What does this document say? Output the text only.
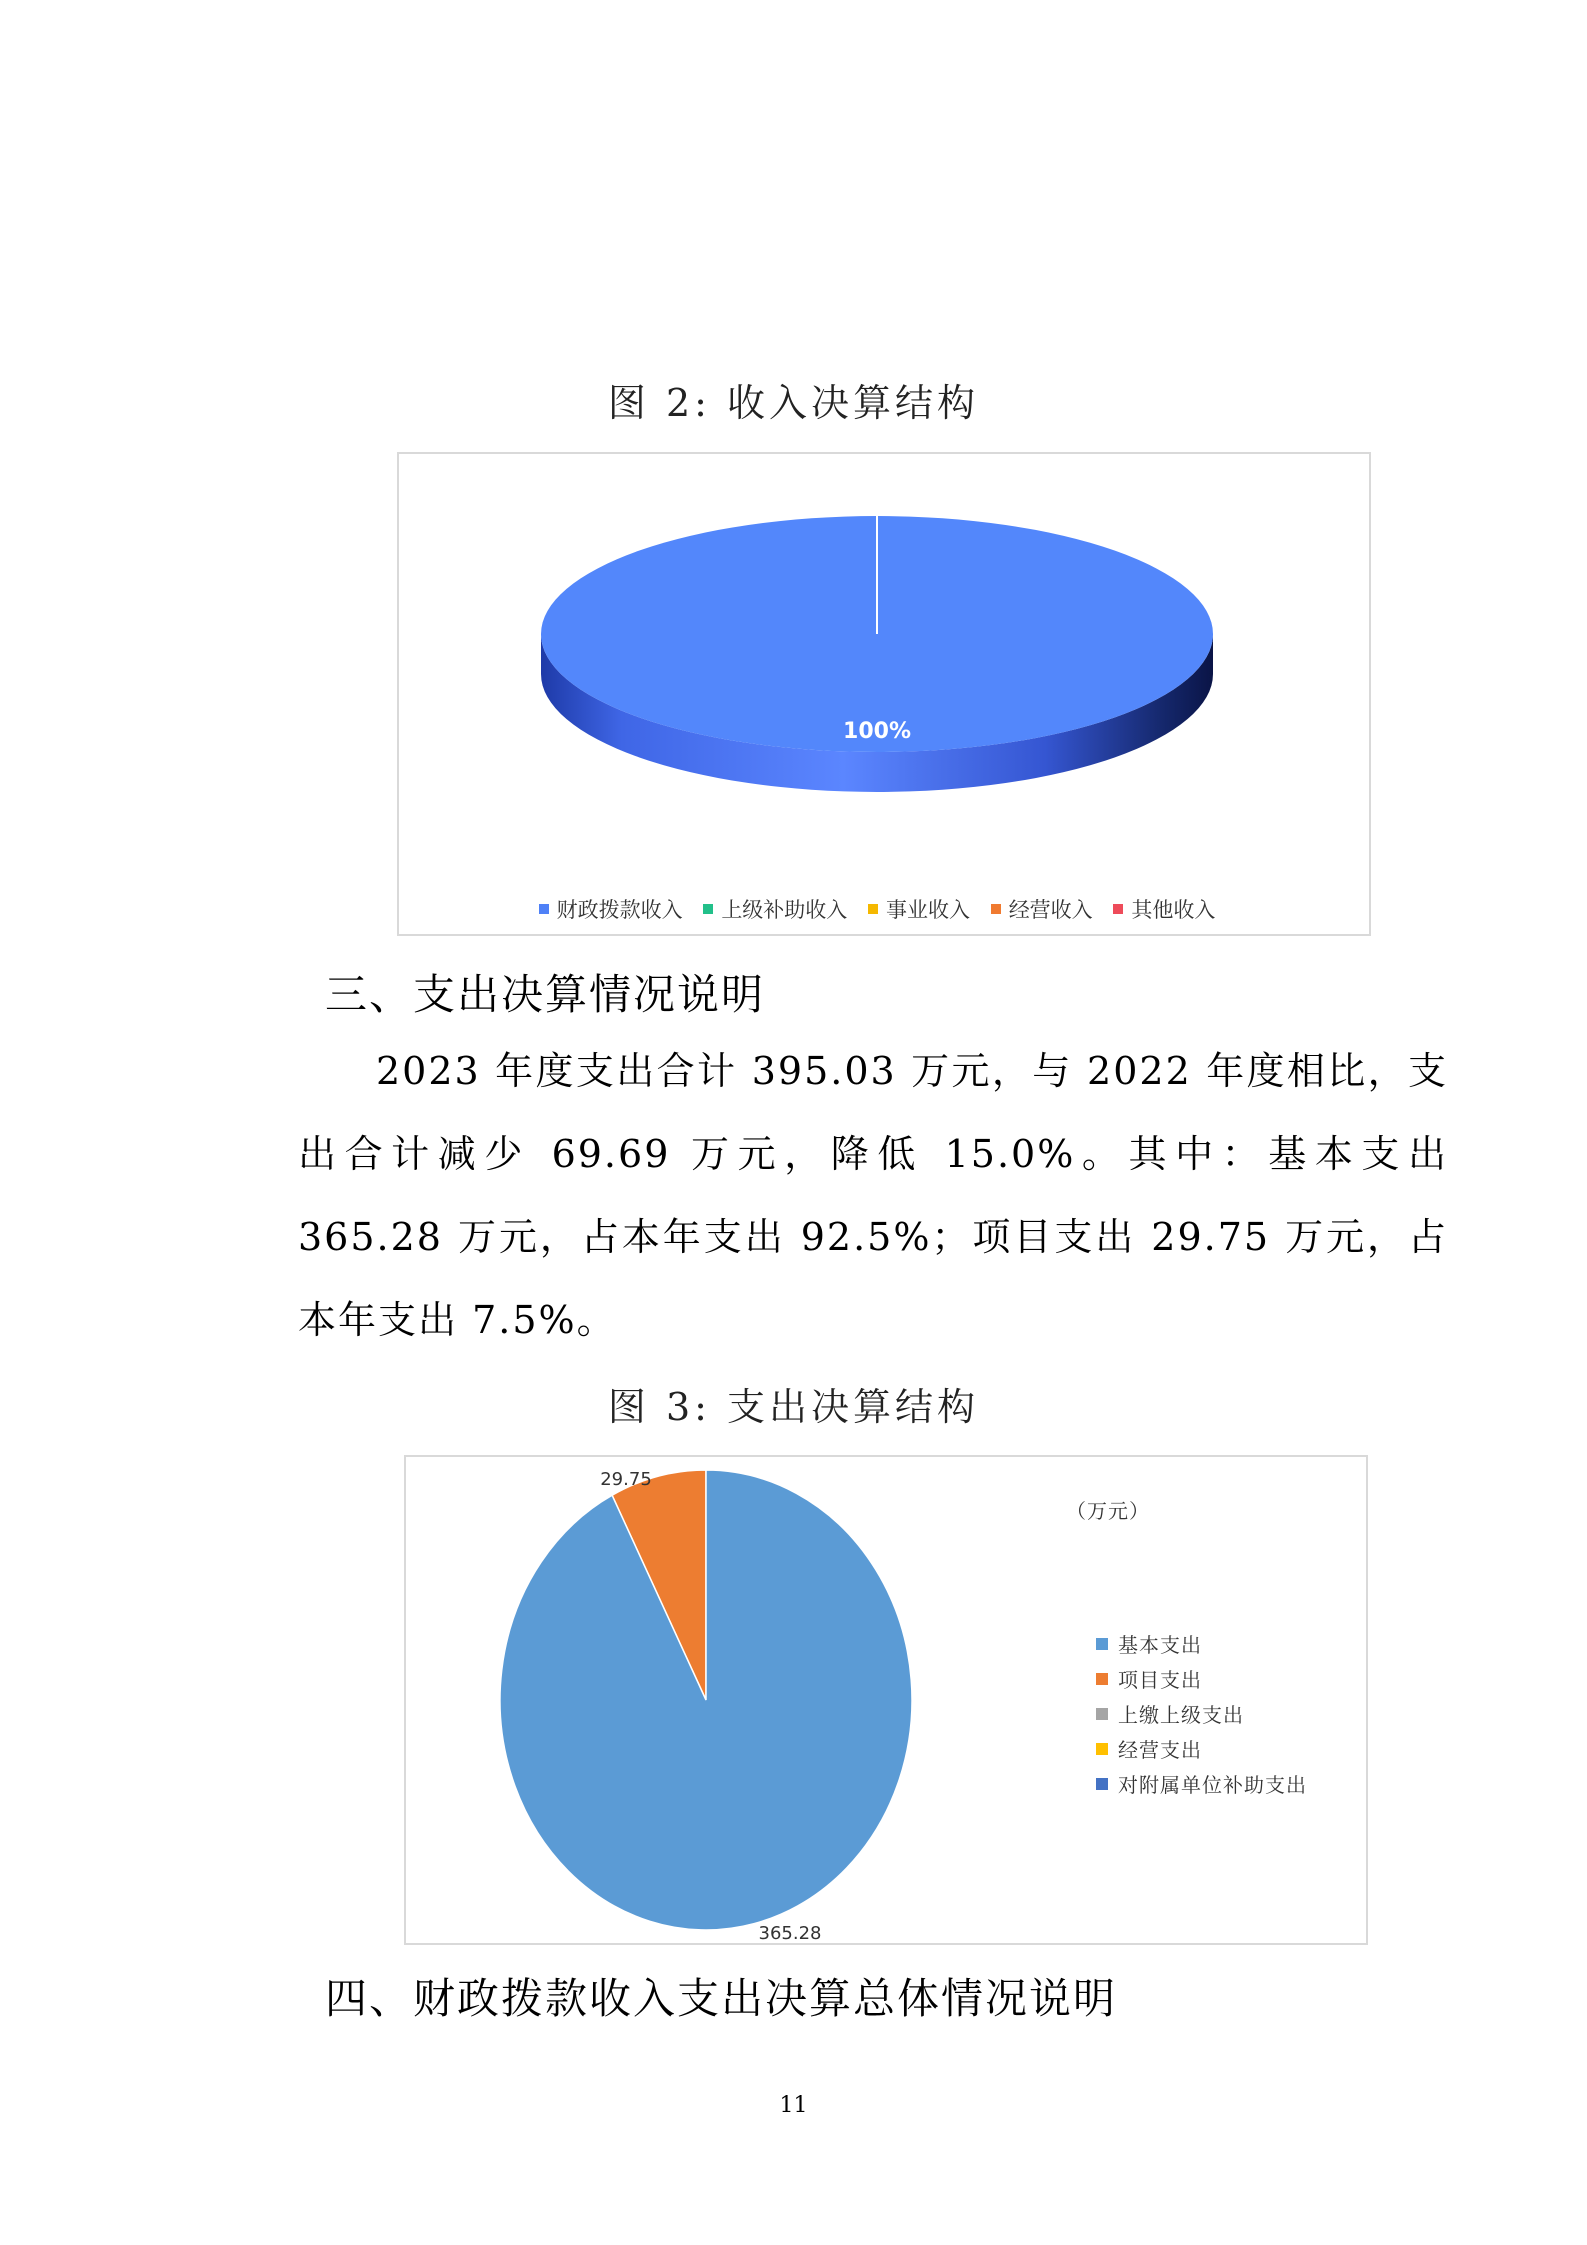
图 2: 收入决算结构
100%
财政拨款收入
上级补助收入
事业收入
经营收入
其他收入
三、支出决算情况说明
2023 年度支出合计 395.03 万元，与 2022 年度相比，支出合计减少 69.69 万元，降低 15.0%。其中：基本支出 365.28 万元，占本年支出 92.5%；项目支出 29.75 万元，占本年支出 7.5%。
图 3: 支出决算结构
29.75
365.28
（万元）
基本支出
项目支出
上缴上级支出
经营支出
对附属单位补助支出
四、财政拨款收入支出决算总体情况说明
11
